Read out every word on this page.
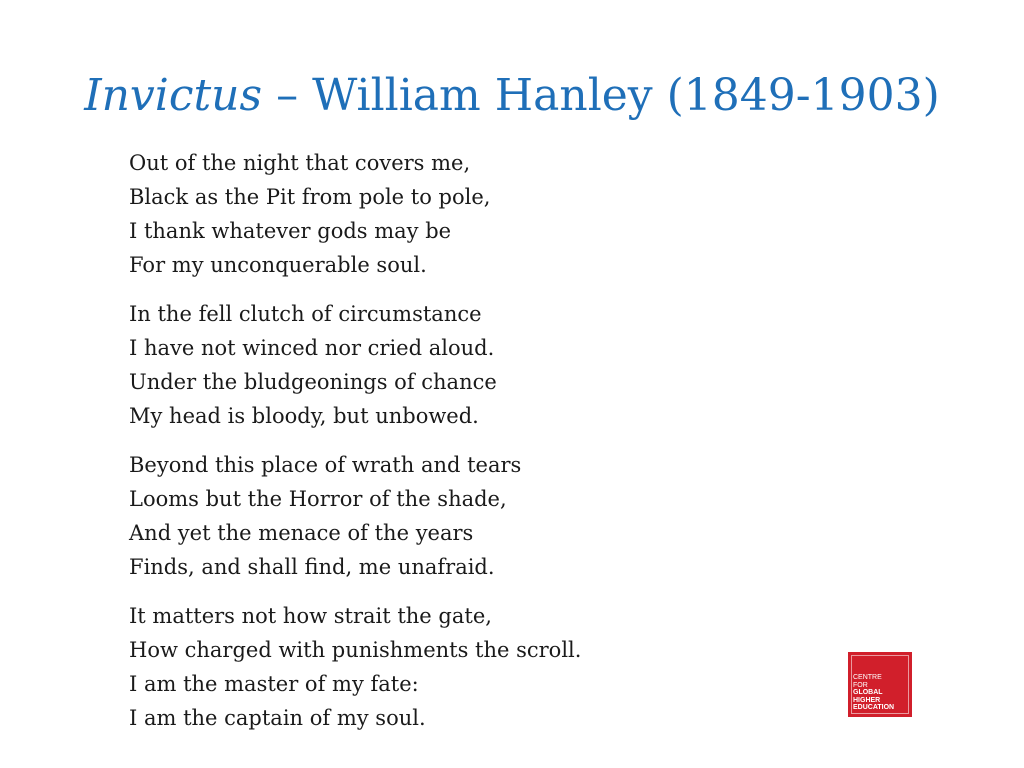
Invictus – William Hanley (1849-1903)
Out of the night that covers me,
Black as the Pit from pole to pole,
I thank whatever gods may be
For my unconquerable soul.
In the fell clutch of circumstance
I have not winced nor cried aloud.
Under the bludgeonings of chance
My head is bloody, but unbowed.
Beyond this place of wrath and tears
Looms but the Horror of the shade,
And yet the menace of the years
Finds, and shall find, me unafraid.
It matters not how strait the gate,
How charged with punishments the scroll.
I am the master of my fate:
I am the captain of my soul.
CENTRE
FOR
GLOBAL
HIGHER
EDUCATION
